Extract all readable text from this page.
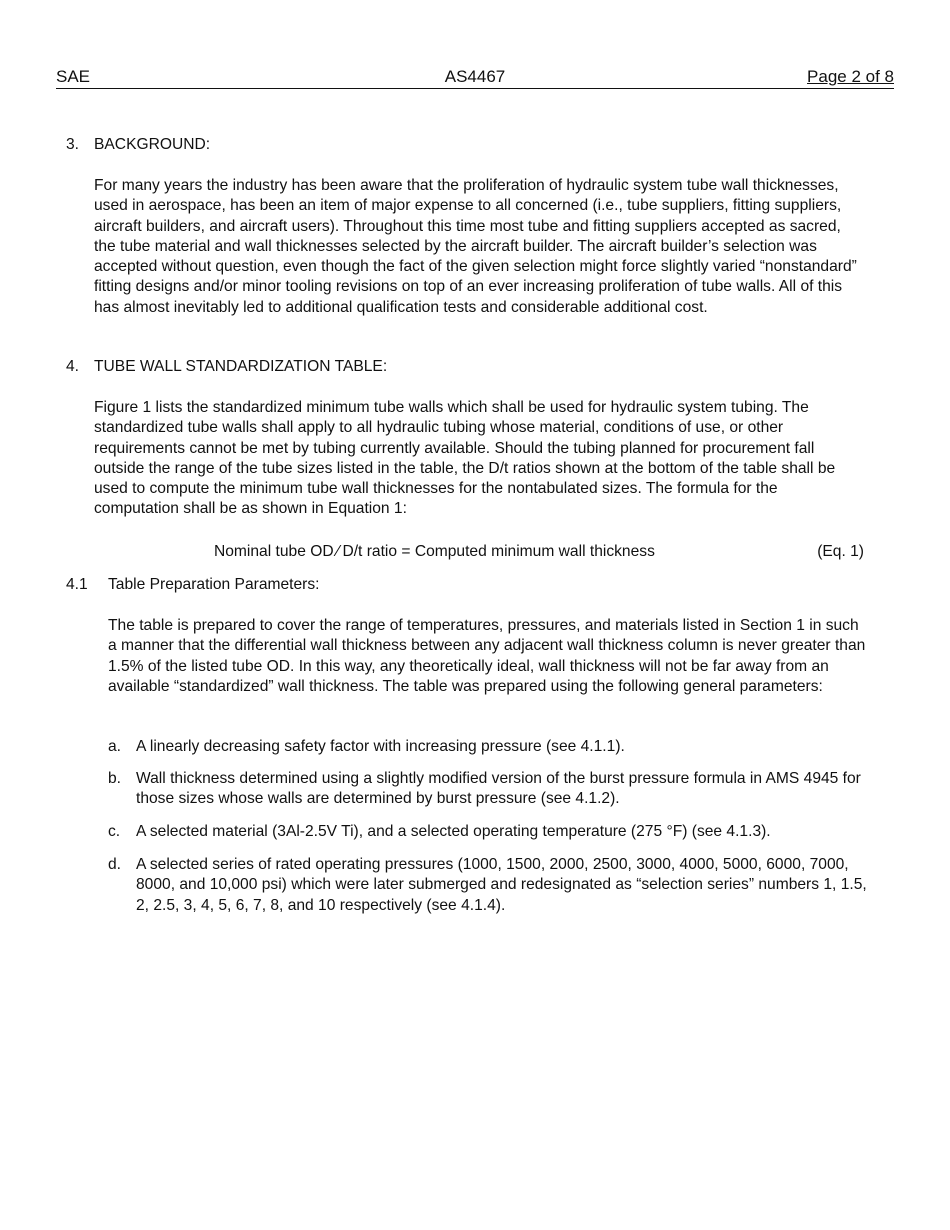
SAE	AS4467	Page 2 of 8
3. BACKGROUND:
For many years the industry has been aware that the proliferation of hydraulic system tube wall thicknesses, used in aerospace, has been an item of major expense to all concerned (i.e., tube suppliers, fitting suppliers, aircraft builders, and aircraft users). Throughout this time most tube and fitting suppliers accepted as sacred, the tube material and wall thicknesses selected by the aircraft builder. The aircraft builder’s selection was accepted without question, even though the fact of the given selection might force slightly varied “nonstandard” fitting designs and/or minor tooling revisions on top of an ever increasing proliferation of tube walls. All of this has almost inevitably led to additional qualification tests and considerable additional cost.
4. TUBE WALL STANDARDIZATION TABLE:
Figure 1 lists the standardized minimum tube walls which shall be used for hydraulic system tubing. The standardized tube walls shall apply to all hydraulic tubing whose material, conditions of use, or other requirements cannot be met by tubing currently available. Should the tubing planned for procurement fall outside the range of the tube sizes listed in the table, the D/t ratios shown at the bottom of the table shall be used to compute the minimum tube wall thicknesses for the nontabulated sizes. The formula for the computation shall be as shown in Equation 1:
Nominal tube OD ⁄ D/t ratio = Computed minimum wall thickness	(Eq. 1)
4.1 Table Preparation Parameters:
The table is prepared to cover the range of temperatures, pressures, and materials listed in Section 1 in such a manner that the differential wall thickness between any adjacent wall thickness column is never greater than 1.5% of the listed tube OD. In this way, any theoretically ideal, wall thickness will not be far away from an available “standardized” wall thickness. The table was prepared using the following general parameters:
a. A linearly decreasing safety factor with increasing pressure (see 4.1.1).
b. Wall thickness determined using a slightly modified version of the burst pressure formula in AMS 4945 for those sizes whose walls are determined by burst pressure (see 4.1.2).
c. A selected material (3Al-2.5V Ti), and a selected operating temperature (275 °F) (see 4.1.3).
d. A selected series of rated operating pressures (1000, 1500, 2000, 2500, 3000, 4000, 5000, 6000, 7000, 8000, and 10,000 psi) which were later submerged and redesignated as “selection series” numbers 1, 1.5, 2, 2.5, 3, 4, 5, 6, 7, 8, and 10 respectively (see 4.1.4).
